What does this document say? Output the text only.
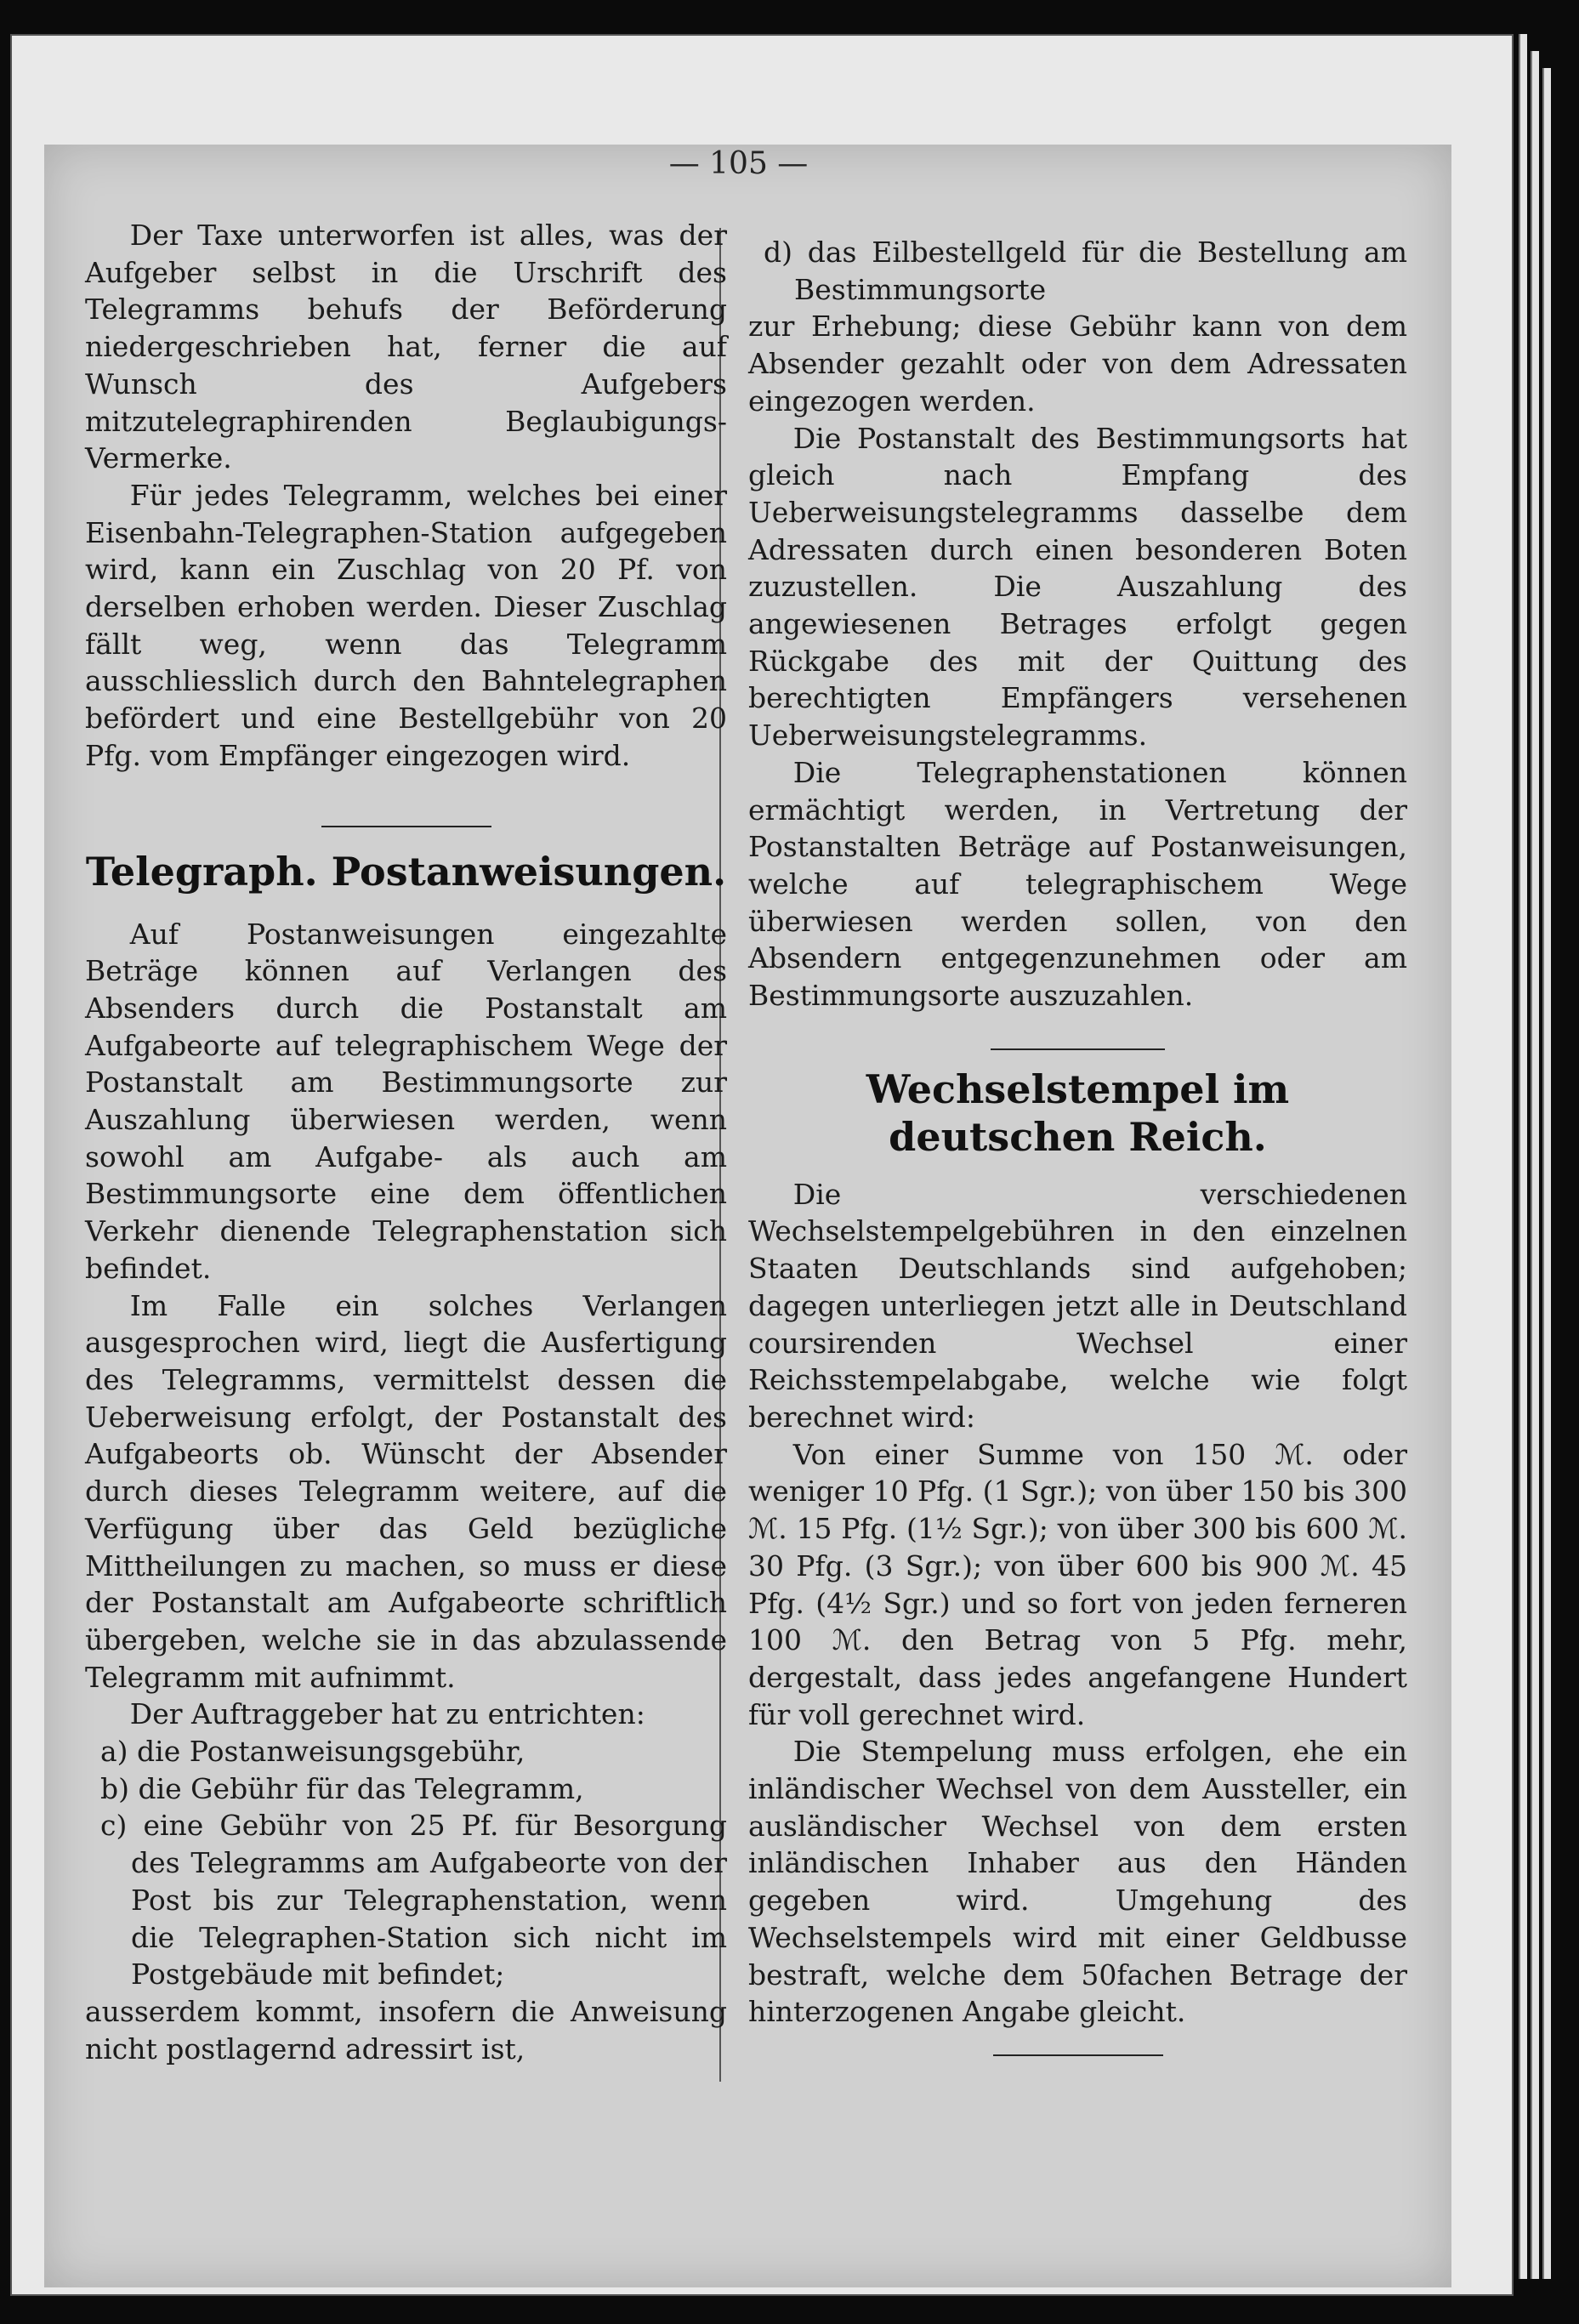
— 105 —

Der Taxe unterworfen ist alles, was der Aufgeber selbst in die Urschrift des Telegramms behufs der Beförderung niedergeschrieben hat, ferner die auf Wunsch des Aufgebers mitzutelegraphirenden Beglaubigungs-Vermerke.

Für jedes Telegramm, welches bei einer Eisenbahn-Telegraphen-Station aufgegeben wird, kann ein Zuschlag von 20 Pf. von derselben erhoben werden. Dieser Zuschlag fällt weg, wenn das Telegramm ausschliesslich durch den Bahntelegraphen befördert und eine Bestellgebühr von 20 Pfg. vom Empfänger eingezogen wird.

Telegraph. Postanweisungen.

Auf Postanweisungen eingezahlte Beträge können auf Verlangen des Absenders durch die Postanstalt am Aufgabeorte auf telegraphischem Wege der Postanstalt am Bestimmungsorte zur Auszahlung überwiesen werden, wenn sowohl am Aufgabe- als auch am Bestimmungsorte eine dem öffentlichen Verkehr dienende Telegraphenstation sich befindet.

Im Falle ein solches Verlangen ausgesprochen wird, liegt die Ausfertigung des Telegramms, vermittelst dessen die Ueberweisung erfolgt, der Postanstalt des Aufgabeorts ob. Wünscht der Absender durch dieses Telegramm weitere, auf die Verfügung über das Geld bezügliche Mittheilungen zu machen, so muss er diese der Postanstalt am Aufgabeorte schriftlich übergeben, welche sie in das abzulassende Telegramm mit aufnimmt.

Der Auftraggeber hat zu entrichten:

a) die Postanweisungsgebühr,

b) die Gebühr für das Telegramm,

c) eine Gebühr von 25 Pf. für Besorgung des Telegramms am Aufgabeorte von der Post bis zur Telegraphenstation, wenn die Telegraphen-Station sich nicht im Postgebäude mit befindet;

ausserdem kommt, insofern die Anweisung nicht postlagernd adressirt ist,

d) das Eilbestellgeld für die Bestellung am Bestimmungsorte

zur Erhebung; diese Gebühr kann von dem Absender gezahlt oder von dem Adressaten eingezogen werden.

Die Postanstalt des Bestimmungsorts hat gleich nach Empfang des Ueberweisungstelegramms dasselbe dem Adressaten durch einen besonderen Boten zuzustellen. Die Auszahlung des angewiesenen Betrages erfolgt gegen Rückgabe des mit der Quittung des berechtigten Empfängers versehenen Ueberweisungstelegramms.

Die Telegraphenstationen können ermächtigt werden, in Vertretung der Postanstalten Beträge auf Postanweisungen, welche auf telegraphischem Wege überwiesen werden sollen, von den Absendern entgegenzunehmen oder am Bestimmungsorte auszuzahlen.

Wechselstempel im deutschen Reich.

Die verschiedenen Wechselstempelgebühren in den einzelnen Staaten Deutschlands sind aufgehoben; dagegen unterliegen jetzt alle in Deutschland coursirenden Wechsel einer Reichsstempelabgabe, welche wie folgt berechnet wird:

Von einer Summe von 150 ℳ. oder weniger 10 Pfg. (1 Sgr.); von über 150 bis 300 ℳ. 15 Pfg. (1½ Sgr.); von über 300 bis 600 ℳ. 30 Pfg. (3 Sgr.); von über 600 bis 900 ℳ. 45 Pfg. (4½ Sgr.) und so fort von jeden ferneren 100 ℳ. den Betrag von 5 Pfg. mehr, dergestalt, dass jedes angefangene Hundert für voll gerechnet wird.

Die Stempelung muss erfolgen, ehe ein inländischer Wechsel von dem Aussteller, ein ausländischer Wechsel von dem ersten inländischen Inhaber aus den Händen gegeben wird. Umgehung des Wechselstempels wird mit einer Geldbusse bestraft, welche dem 50fachen Betrage der hinterzogenen Angabe gleicht.
